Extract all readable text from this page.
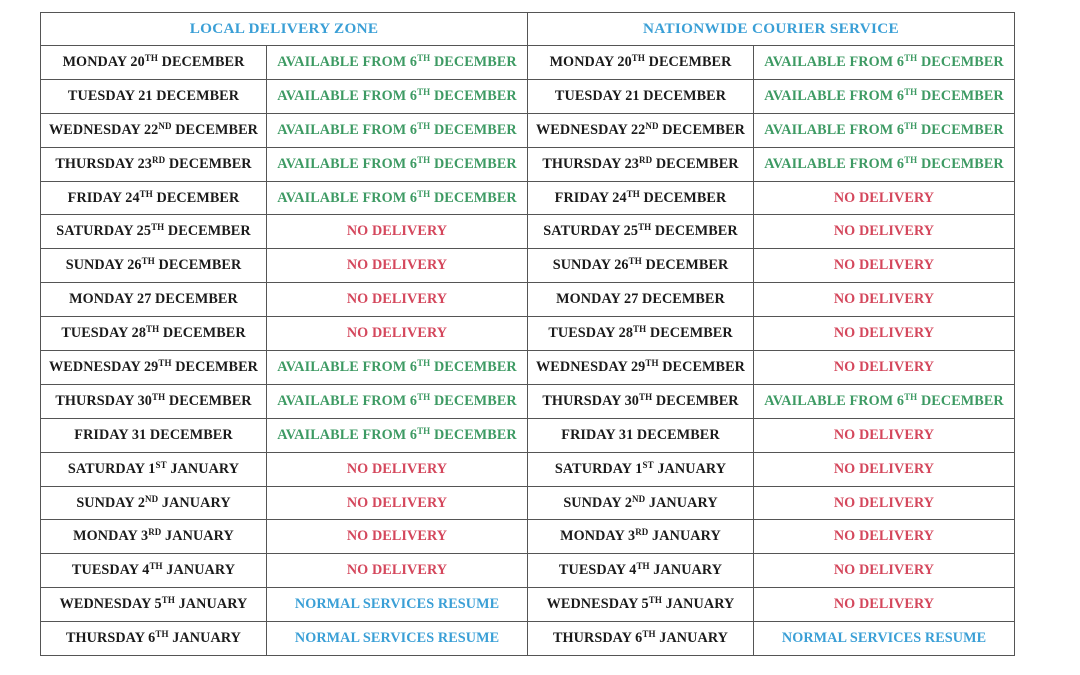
LOCAL DELIVERY ZONE		NATIONWIDE COURIER SERVICE	
MONDAY 20TH DECEMBER	AVAILABLE FROM 6TH DECEMBER	MONDAY 20TH DECEMBER	AVAILABLE FROM 6TH DECEMBER
TUESDAY 21 DECEMBER	AVAILABLE FROM 6TH DECEMBER	TUESDAY 21 DECEMBER	AVAILABLE FROM 6TH DECEMBER
WEDNESDAY 22ND DECEMBER	AVAILABLE FROM 6TH DECEMBER	WEDNESDAY 22ND DECEMBER	AVAILABLE FROM 6TH DECEMBER
THURSDAY 23RD DECEMBER	AVAILABLE FROM 6TH DECEMBER	THURSDAY 23RD DECEMBER	AVAILABLE FROM 6TH DECEMBER
FRIDAY 24TH DECEMBER	AVAILABLE FROM 6TH DECEMBER	FRIDAY 24TH DECEMBER	NO DELIVERY
SATURDAY 25TH DECEMBER	NO DELIVERY	SATURDAY 25TH DECEMBER	NO DELIVERY
SUNDAY 26TH DECEMBER	NO DELIVERY	SUNDAY 26TH DECEMBER	NO DELIVERY
MONDAY 27 DECEMBER	NO DELIVERY	MONDAY 27 DECEMBER	NO DELIVERY
TUESDAY 28TH DECEMBER	NO DELIVERY	TUESDAY 28TH DECEMBER	NO DELIVERY
WEDNESDAY 29TH DECEMBER	AVAILABLE FROM 6TH DECEMBER	WEDNESDAY 29TH DECEMBER	NO DELIVERY
THURSDAY 30TH DECEMBER	AVAILABLE FROM 6TH DECEMBER	THURSDAY 30TH DECEMBER	AVAILABLE FROM 6TH DECEMBER
FRIDAY 31 DECEMBER	AVAILABLE FROM 6TH DECEMBER	FRIDAY 31 DECEMBER	NO DELIVERY
SATURDAY 1ST JANUARY	NO DELIVERY	SATURDAY 1ST JANUARY	NO DELIVERY
SUNDAY 2ND JANUARY	NO DELIVERY	SUNDAY 2ND JANUARY	NO DELIVERY
MONDAY 3RD JANUARY	NO DELIVERY	MONDAY 3RD JANUARY	NO DELIVERY
TUESDAY 4TH JANUARY	NO DELIVERY	TUESDAY 4TH JANUARY	NO DELIVERY
WEDNESDAY 5TH JANUARY	NORMAL SERVICES RESUME	WEDNESDAY 5TH JANUARY	NO DELIVERY
THURSDAY 6TH JANUARY	NORMAL SERVICES RESUME	THURSDAY 6TH JANUARY	NORMAL SERVICES RESUME
